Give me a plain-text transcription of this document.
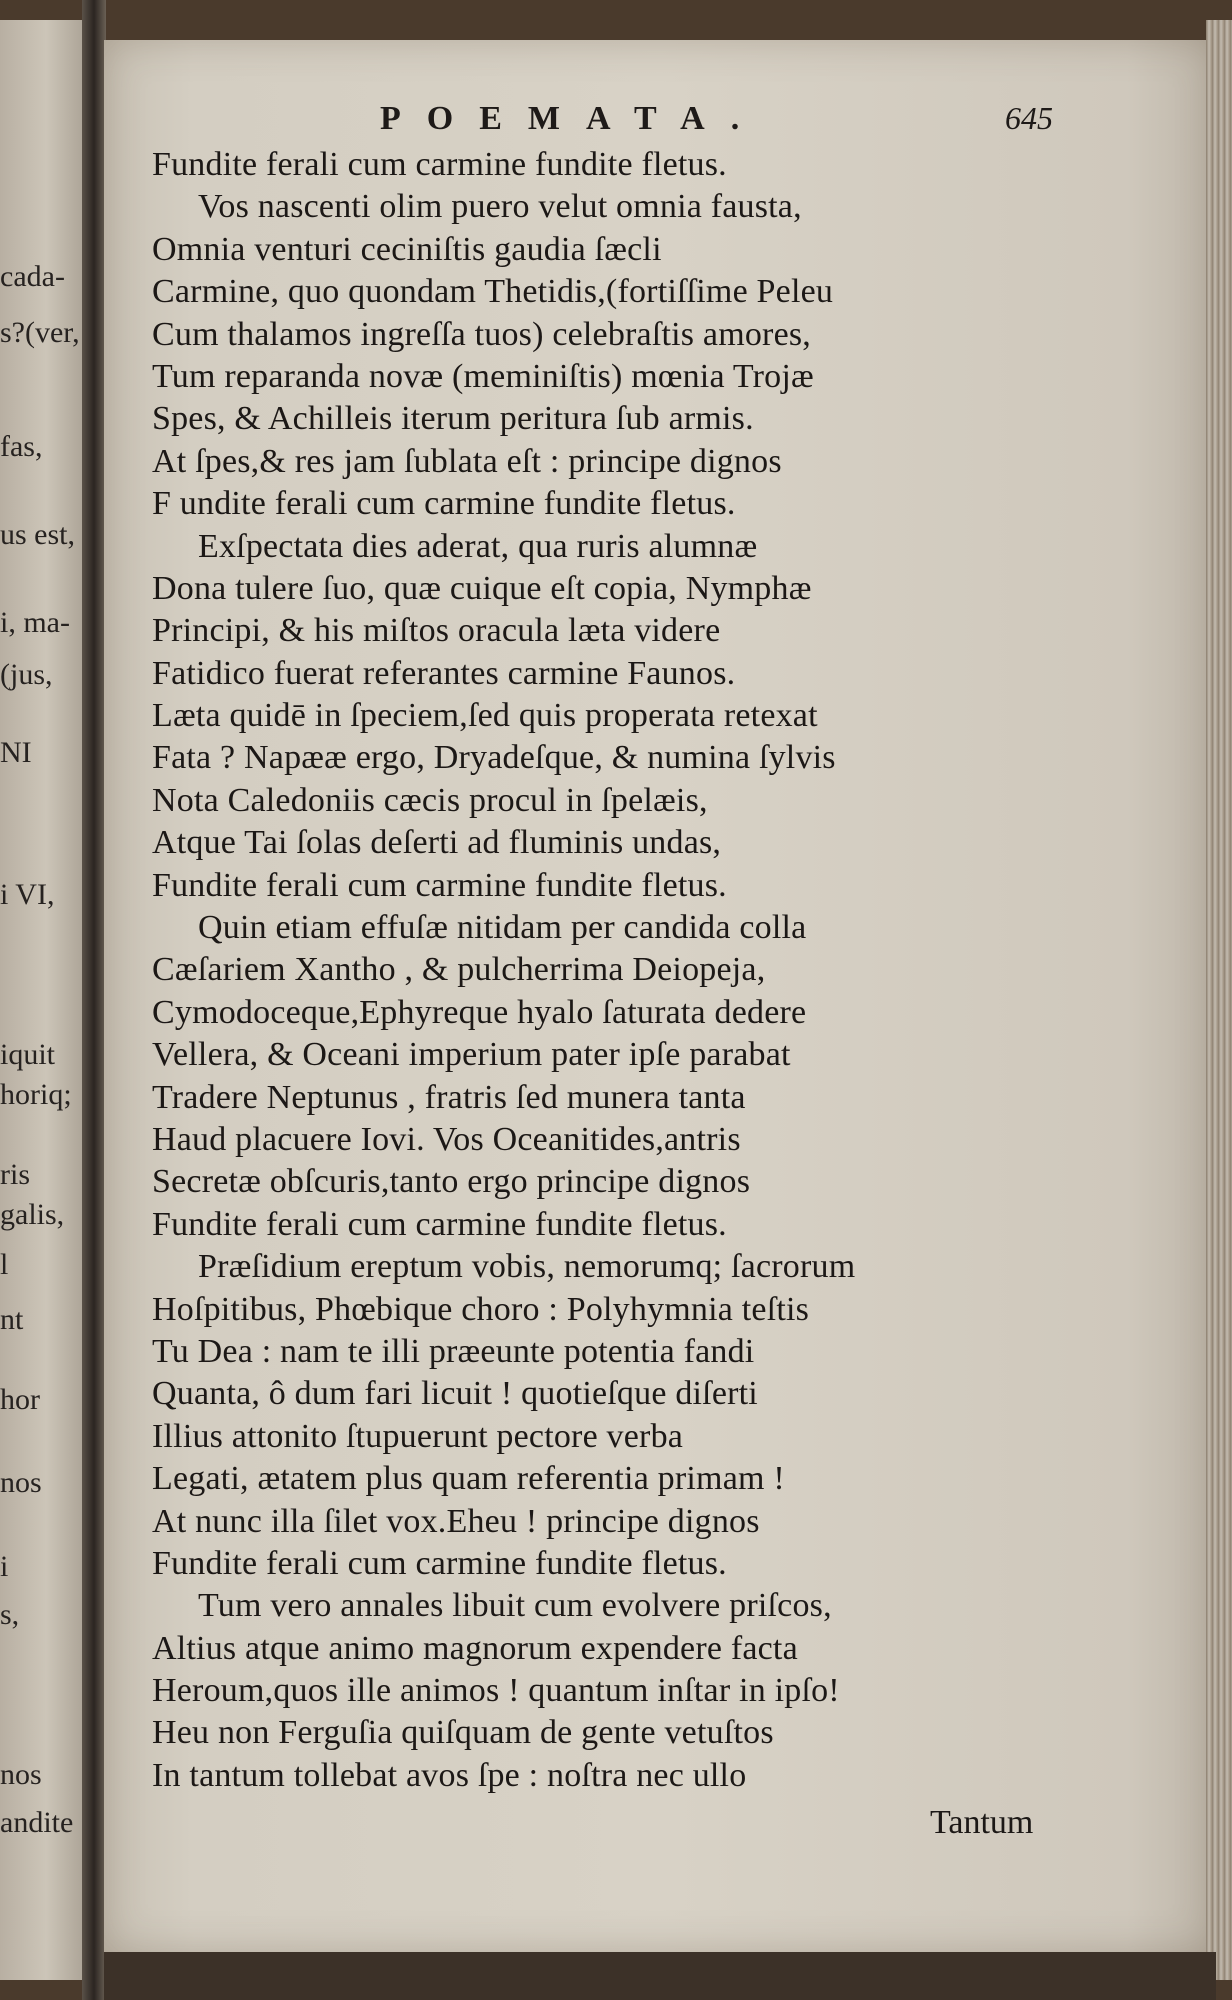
cada-
s?(ver,
fas,
us est,
i, ma-
(jus,
NI
i VI,
iquit
horiq;
ris
galis,
l
nt
hor
nos
i
s,
nos
andite
POEMATA.	645
Fundite ferali cum carmine fundite fletus.
Vos nascenti olim puero velut omnia fausta,
Omnia venturi ceciniſtis gaudia ſæcli
Carmine, quo quondam Thetidis,(fortiſſime Peleu
Cum thalamos ingreſſa tuos) celebraſtis amores,
Tum reparanda novæ (meminiſtis) mœnia Trojæ
Spes, & Achilleis iterum peritura ſub armis.
At ſpes,& res jam ſublata eſt : principe dignos
F undite ferali cum carmine fundite fletus.
Exſpectata dies aderat, qua ruris alumnæ
Dona tulere ſuo, quæ cuique eſt copia, Nymphæ
Principi, & his miſtos oracula læta videre
Fatidico fuerat referantes carmine Faunos.
Læta quidē in ſpeciem,ſed quis properata retexat
Fata ? Napææ ergo, Dryadeſque, & numina ſylvis
Nota Caledoniis cæcis procul in ſpelæis,
Atque Tai ſolas deſerti ad fluminis undas,
Fundite ferali cum carmine fundite fletus.
Quin etiam effuſæ nitidam per candida colla
Cæſariem Xantho , & pulcherrima Deiopeja,
Cymodoceque,Ephyreque hyalo ſaturata dedere
Vellera, & Oceani imperium pater ipſe parabat
Tradere Neptunus , fratris ſed munera tanta
Haud placuere Iovi. Vos Oceanitides,antris
Secretæ obſcuris,tanto ergo principe dignos
Fundite ferali cum carmine fundite fletus.
Præſidium ereptum vobis, nemorumq; ſacrorum
Hoſpitibus, Phœbique choro : Polyhymnia teſtis
Tu Dea : nam te illi præeunte potentia fandi
Quanta, ô dum fari licuit ! quotieſque diſerti
Illius attonito ſtupuerunt pectore verba
Legati, ætatem plus quam referentia primam !
At nunc illa ſilet vox.Eheu ! principe dignos
Fundite ferali cum carmine fundite fletus.
Tum vero annales libuit cum evolvere priſcos,
Altius atque animo magnorum expendere facta
Heroum,quos ille animos ! quantum inſtar in ipſo!
Heu non Ferguſia quiſquam de gente vetuſtos
In tantum tollebat avos ſpe : noſtra nec ullo
Tantum
